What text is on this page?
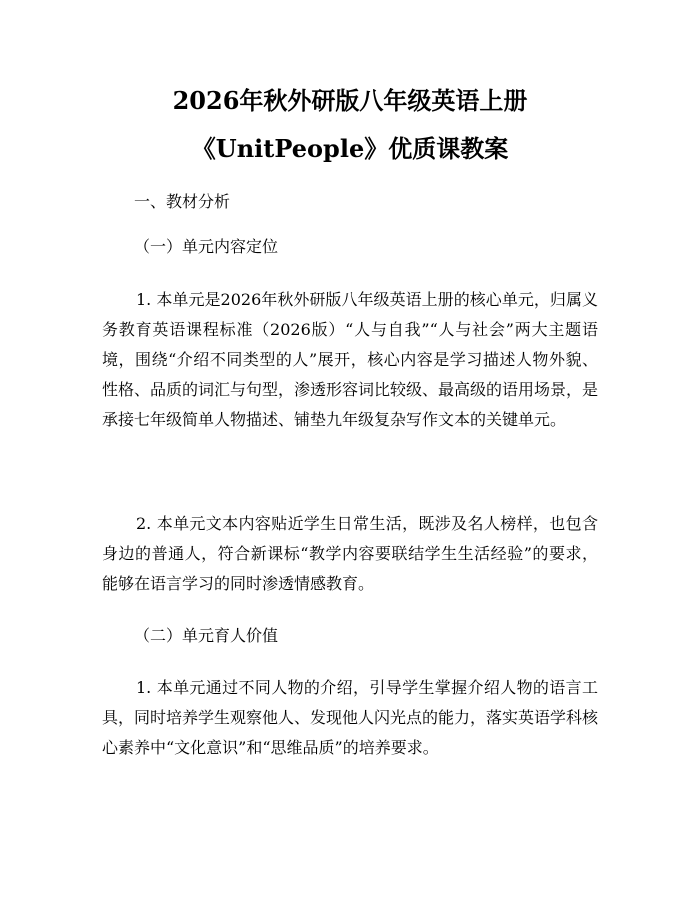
2026年秋外研版八年级英语上册
《UnitPeople》优质课教案
一、教材分析
（一）单元内容定位

1. 本单元是2026年秋外研版八年级英语上册的核心单元，归属义务教育英语课程标准（2026版）“人与自我”“人与社会”两大主题语境，围绕“介绍不同类型的人”展开，核心内容是学习描述人物外貌、性格、品质的词汇与句型，渗透形容词比较级、最高级的语用场景，是承接七年级简单人物描述、铺垫九年级复杂写作文本的关键单元。

2. 本单元文本内容贴近学生日常生活，既涉及名人榜样，也包含身边的普通人，符合新课标“教学内容要联结学生生活经验”的要求，能够在语言学习的同时渗透情感教育。

（二）单元育人价值

1. 本单元通过不同人物的介绍，引导学生掌握介绍人物的语言工具，同时培养学生观察他人、发现他人闪光点的能力，落实英语学科核心素养中“文化意识”和“思维品质”的培养要求。
